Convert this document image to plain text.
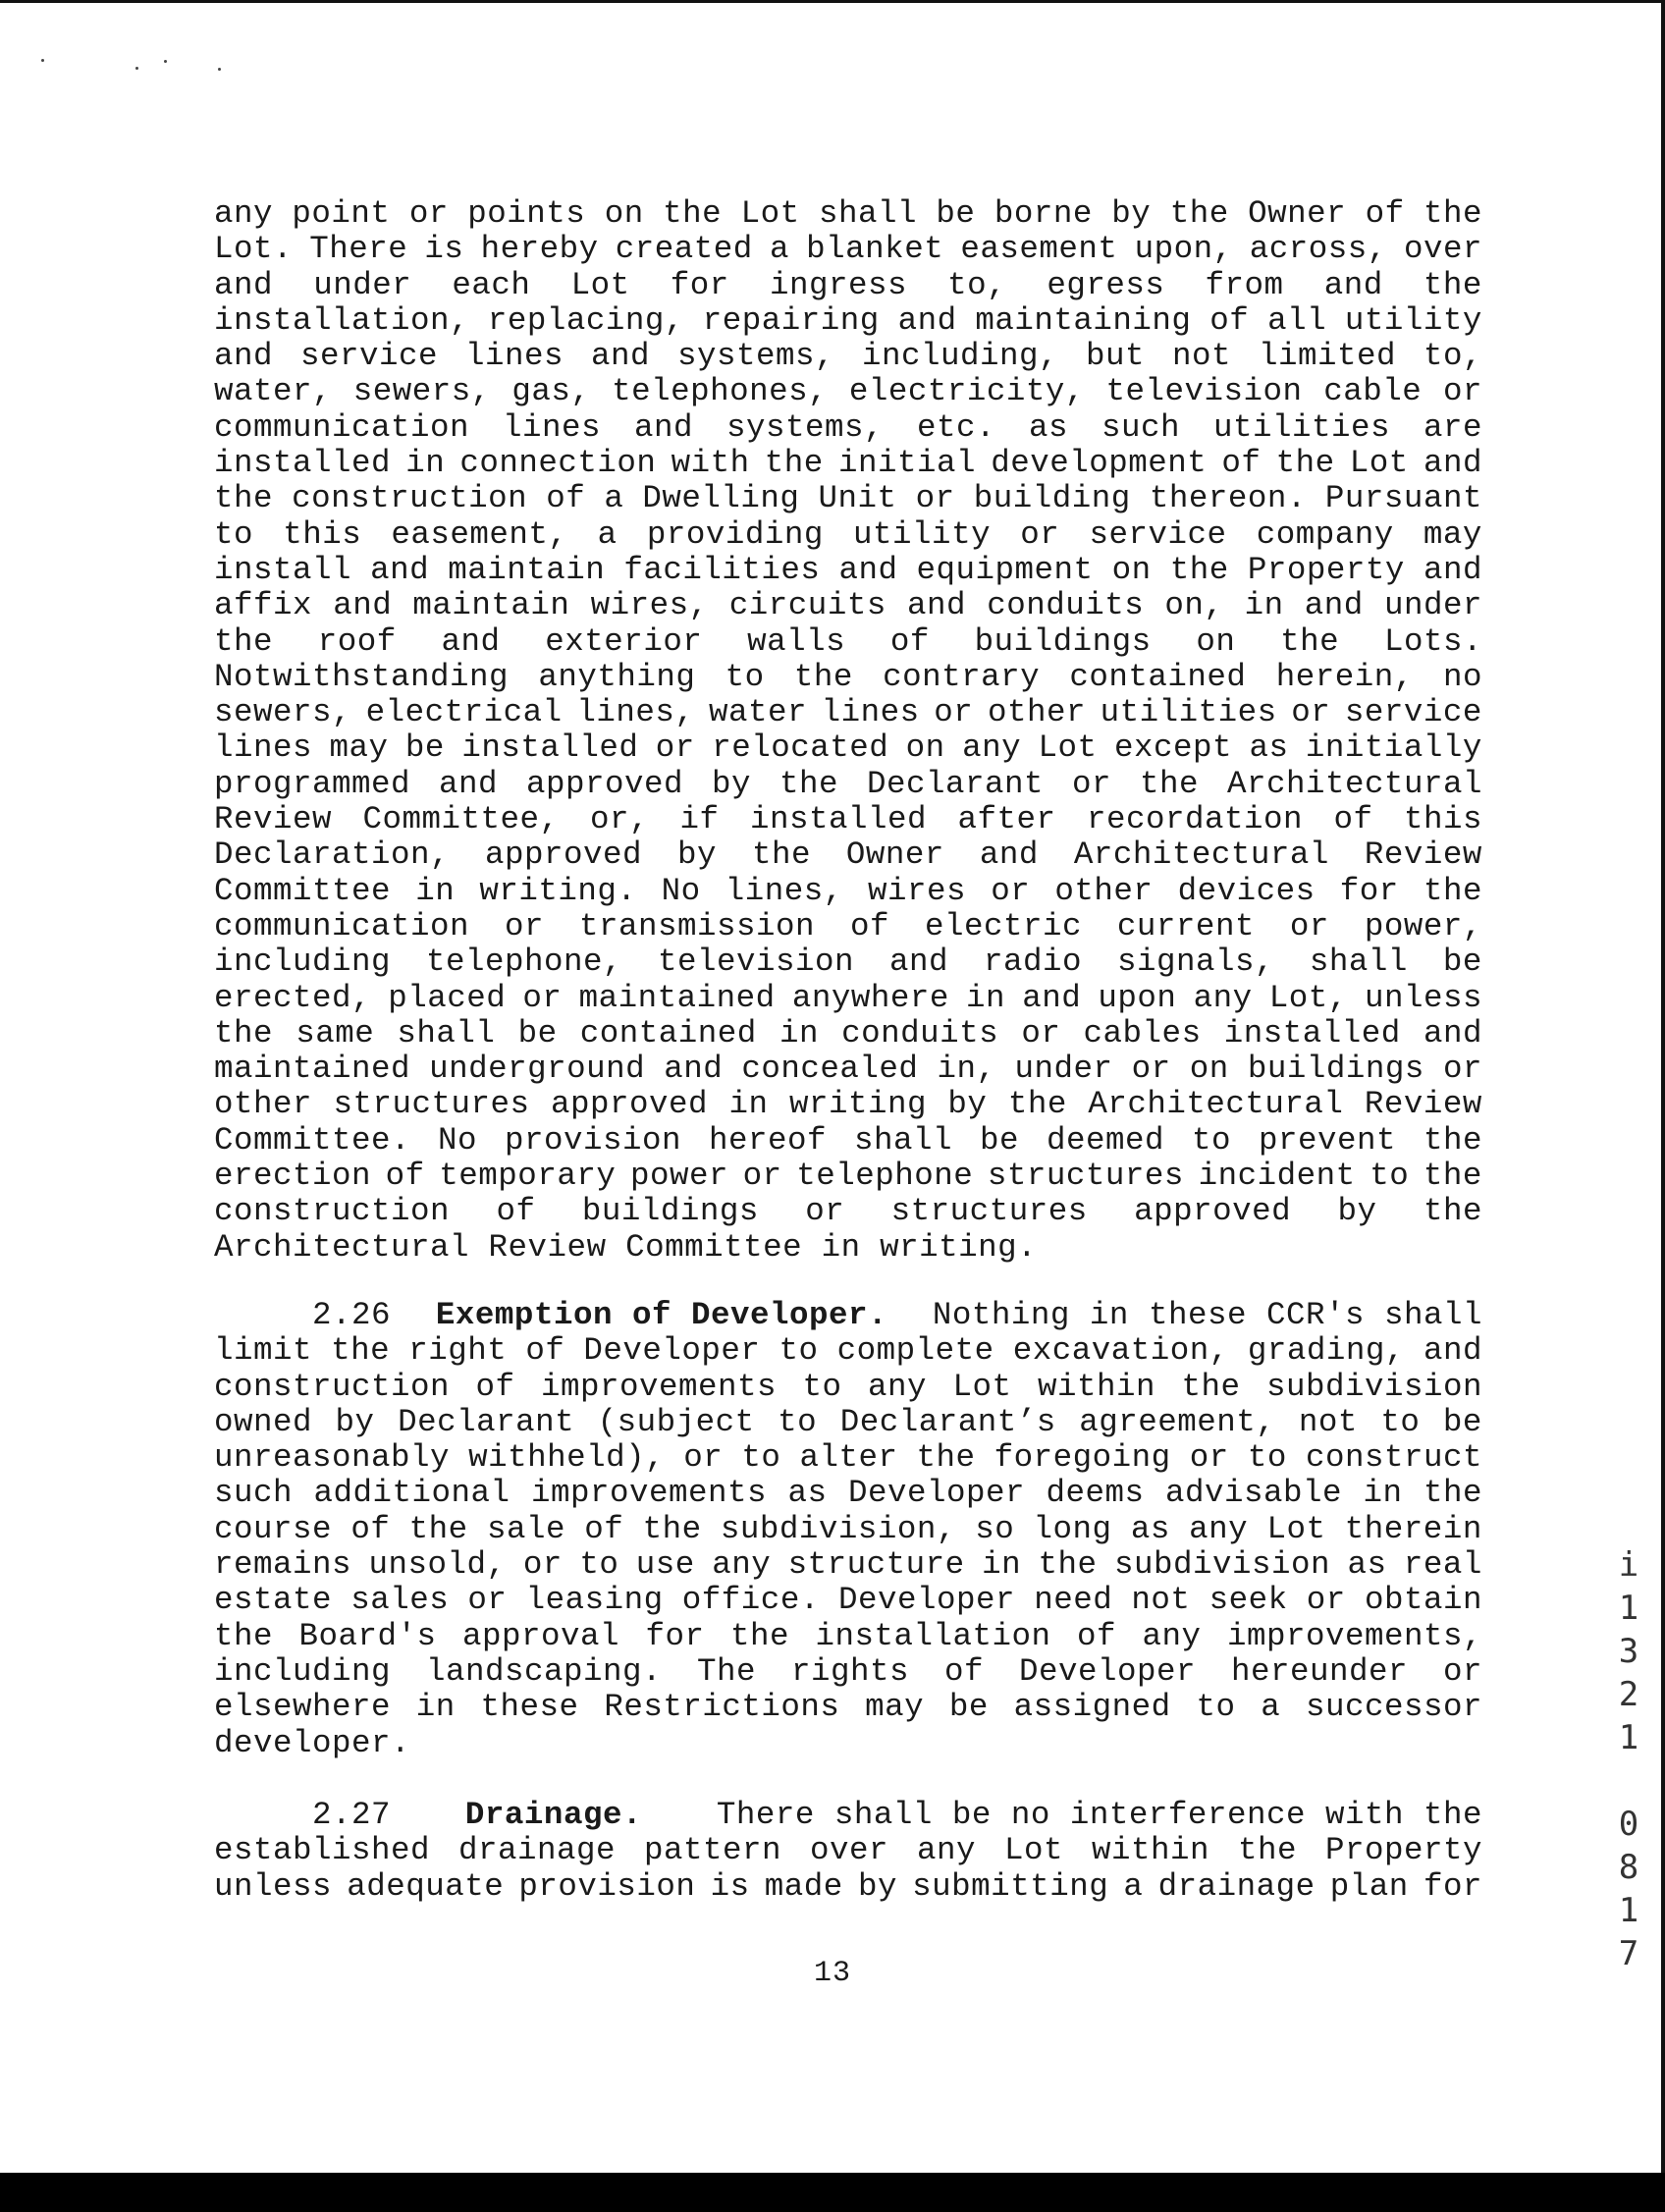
any point or points on the Lot shall be borne by the Owner of the
Lot. There is hereby created a blanket easement upon, across, over
and under each Lot for ingress to, egress from and the
installation, replacing, repairing and maintaining of all utility
and service lines and systems, including, but not limited to,
water, sewers, gas, telephones, electricity, television cable or
communication lines and systems, etc. as such utilities are
installed in connection with the initial development of the Lot and
the construction of a Dwelling Unit or building thereon. Pursuant
to this easement, a providing utility or service company may
install and maintain facilities and equipment on the Property and
affix and maintain wires, circuits and conduits on, in and under
the roof and exterior walls of buildings on the Lots.
Notwithstanding anything to the contrary contained herein, no
sewers, electrical lines, water lines or other utilities or service
lines may be installed or relocated on any Lot except as initially
programmed and approved by the Declarant or the Architectural
Review Committee, or, if installed after recordation of this
Declaration, approved by the Owner and Architectural Review
Committee in writing. No lines, wires or other devices for the
communication or transmission of electric current or power,
including telephone, television and radio signals, shall be
erected, placed or maintained anywhere in and upon any Lot, unless
the same shall be contained in conduits or cables installed and
maintained underground and concealed in, under or on buildings or
other structures approved in writing by the Architectural Review
Committee. No provision hereof shall be deemed to prevent the
erection of temporary power or telephone structures incident to the
construction of buildings or structures approved by the
Architectural Review Committee in writing.
2.26 Exemption of Developer. Nothing in these CCR's shall
limit the right of Developer to complete excavation, grading, and
construction of improvements to any Lot within the subdivision
owned by Declarant (subject to Declarant’s agreement, not to be
unreasonably withheld), or to alter the foregoing or to construct
such additional improvements as Developer deems advisable in the
course of the sale of the subdivision, so long as any Lot therein
remains unsold, or to use any structure in the subdivision as real
estate sales or leasing office. Developer need not seek or obtain
the Board's approval for the installation of any improvements,
including landscaping. The rights of Developer hereunder or
elsewhere in these Restrictions may be assigned to a successor
developer.
2.27 Drainage. There shall be no interference with the
established drainage pattern over any Lot within the Property
unless adequate provision is made by submitting a drainage plan for
13
i
1
3
2
1
0
8
1
7
